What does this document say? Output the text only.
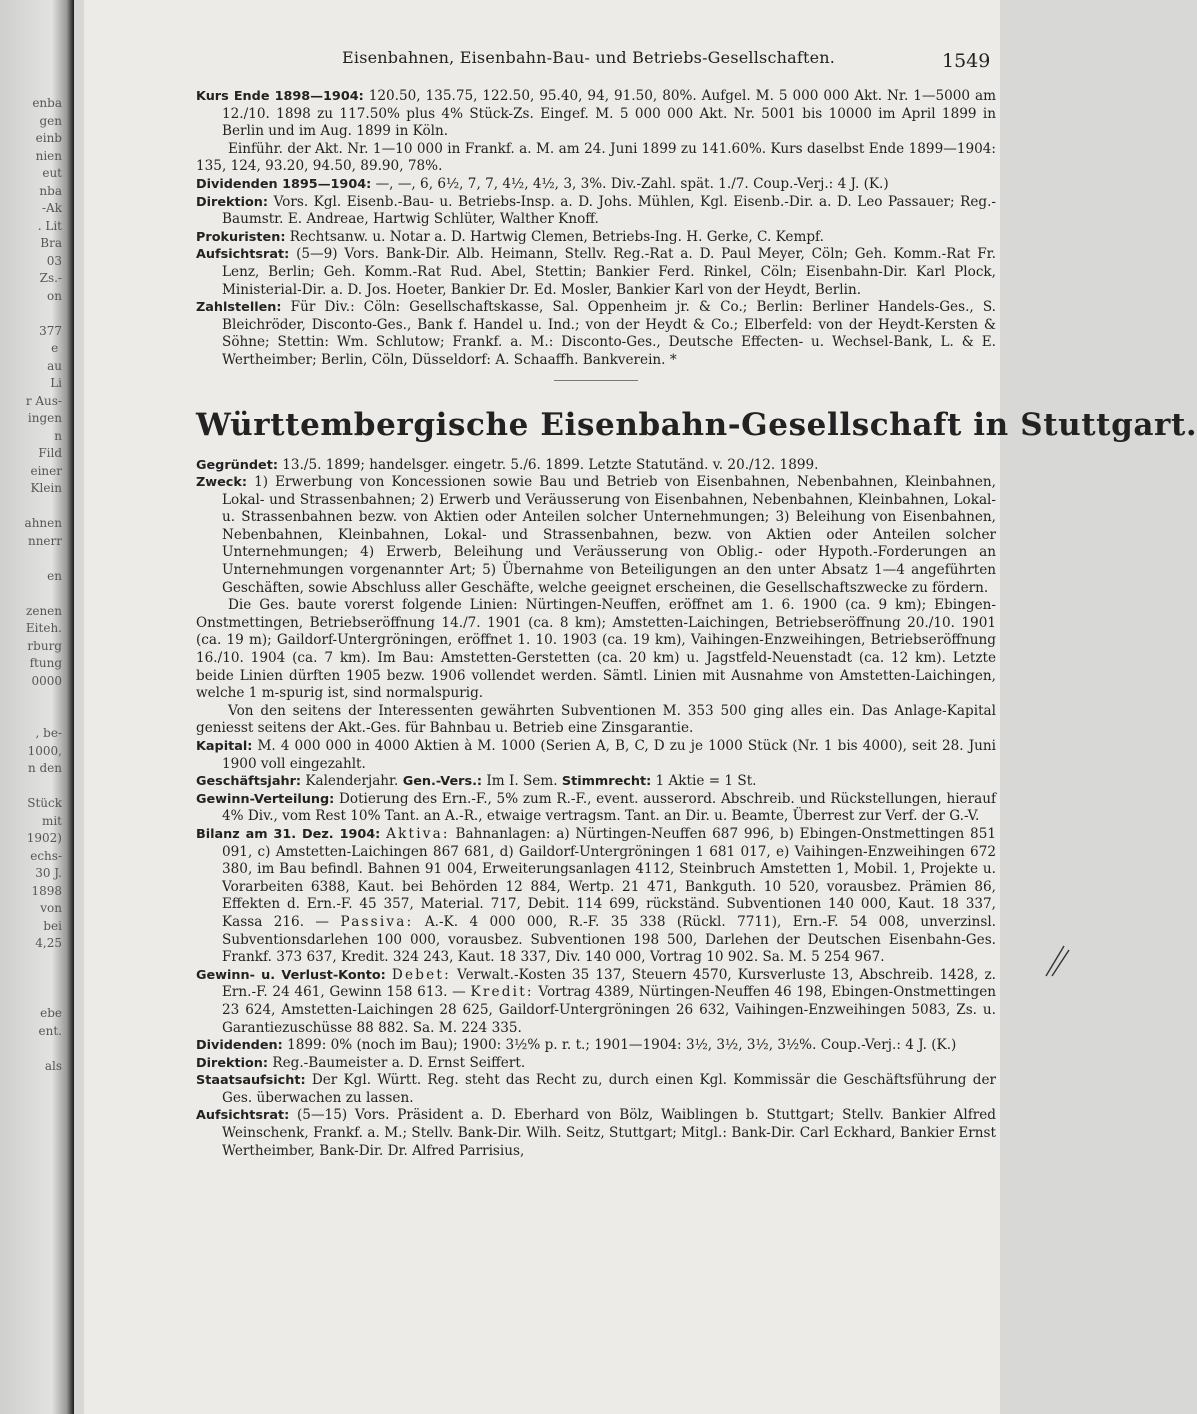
enba
gen
einb
nien
eut
nba
-Ak
. Lit
Bra
03
Zs.-
on
377
e
au
Li
r Aus-
ingen
n
Fild
einer
Klein
ahnen
nnerr
en
zenen
Eiteh.
rburg
ftung
0000
, be-
1000,
n den
Stück
mit
1902)
echs-
30 J.
1898
von
bei
4,25
ebe
ent.
als
Eisenbahnen, Eisenbahn-Bau- und Betriebs-Gesellschaften.	1549

Kurs Ende 1898—1904: 120.50, 135.75, 122.50, 95.40, 94, 91.50, 80%. Aufgel. M. 5 000 000 Akt. Nr. 1—5000 am 12./10. 1898 zu 117.50% plus 4% Stück-Zs. Eingef. M. 5 000 000 Akt. Nr. 5001 bis 10000 im April 1899 in Berlin und im Aug. 1899 in Köln.

Einführ. der Akt. Nr. 1—10 000 in Frankf. a. M. am 24. Juni 1899 zu 141.60%. Kurs daselbst Ende 1899—1904: 135, 124, 93.20, 94.50, 89.90, 78%.

Dividenden 1895—1904: —, —, 6, 6½, 7, 7, 4½, 4½, 3, 3%. Div.-Zahl. spät. 1./7. Coup.-Verj.: 4 J. (K.)

Direktion: Vors. Kgl. Eisenb.-Bau- u. Betriebs-Insp. a. D. Johs. Mühlen, Kgl. Eisenb.-Dir. a. D. Leo Passauer; Reg.-Baumstr. E. Andreae, Hartwig Schlüter, Walther Knoff.

Prokuristen: Rechtsanw. u. Notar a. D. Hartwig Clemen, Betriebs-Ing. H. Gerke, C. Kempf.

Aufsichtsrat: (5—9) Vors. Bank-Dir. Alb. Heimann, Stellv. Reg.-Rat a. D. Paul Meyer, Cöln; Geh. Komm.-Rat Fr. Lenz, Berlin; Geh. Komm.-Rat Rud. Abel, Stettin; Bankier Ferd. Rinkel, Cöln; Eisenbahn-Dir. Karl Plock, Ministerial-Dir. a. D. Jos. Hoeter, Bankier Dr. Ed. Mosler, Bankier Karl von der Heydt, Berlin.

Zahlstellen: Für Div.: Cöln: Gesellschaftskasse, Sal. Oppenheim jr. & Co.; Berlin: Berliner Handels-Ges., S. Bleichröder, Disconto-Ges., Bank f. Handel u. Ind.; von der Heydt & Co.; Elberfeld: von der Heydt-Kersten & Söhne; Stettin: Wm. Schlutow; Frankf. a. M.: Disconto-Ges., Deutsche Effecten- u. Wechsel-Bank, L. & E. Wertheimber; Berlin, Cöln, Düsseldorf: A. Schaaffh. Bankverein. *

Württembergische Eisenbahn-Gesellschaft in Stuttgart.

Gegründet: 13./5. 1899; handelsger. eingetr. 5./6. 1899. Letzte Statutänd. v. 20./12. 1899.

Zweck: 1) Erwerbung von Koncessionen sowie Bau und Betrieb von Eisenbahnen, Nebenbahnen, Kleinbahnen, Lokal- und Strassenbahnen; 2) Erwerb und Veräusserung von Eisenbahnen, Nebenbahnen, Kleinbahnen, Lokal- u. Strassenbahnen bezw. von Aktien oder Anteilen solcher Unternehmungen; 3) Beleihung von Eisenbahnen, Nebenbahnen, Kleinbahnen, Lokal- und Strassenbahnen, bezw. von Aktien oder Anteilen solcher Unternehmungen; 4) Erwerb, Beleihung und Veräusserung von Oblig.- oder Hypoth.-Forderungen an Unternehmungen vorgenannter Art; 5) Übernahme von Beteiligungen an den unter Absatz 1—4 angeführten Geschäften, sowie Abschluss aller Geschäfte, welche geeignet erscheinen, die Gesellschaftszwecke zu fördern.

Die Ges. baute vorerst folgende Linien: Nürtingen-Neuffen, eröffnet am 1. 6. 1900 (ca. 9 km); Ebingen-Onstmettingen, Betriebseröffnung 14./7. 1901 (ca. 8 km); Amstetten-Laichingen, Betriebseröffnung 20./10. 1901 (ca. 19 m); Gaildorf-Untergröningen, eröffnet 1. 10. 1903 (ca. 19 km), Vaihingen-Enzweihingen, Betriebseröffnung 16./10. 1904 (ca. 7 km). Im Bau: Amstetten-Gerstetten (ca. 20 km) u. Jagstfeld-Neuenstadt (ca. 12 km). Letzte beide Linien dürften 1905 bezw. 1906 vollendet werden. Sämtl. Linien mit Ausnahme von Amstetten-Laichingen, welche 1 m-spurig ist, sind normalspurig.

Von den seitens der Interessenten gewährten Subventionen M. 353 500 ging alles ein. Das Anlage-Kapital geniesst seitens der Akt.-Ges. für Bahnbau u. Betrieb eine Zinsgarantie.

Kapital: M. 4 000 000 in 4000 Aktien à M. 1000 (Serien A, B, C, D zu je 1000 Stück (Nr. 1 bis 4000), seit 28. Juni 1900 voll eingezahlt.

Geschäftsjahr: Kalenderjahr. Gen.-Vers.: Im I. Sem. Stimmrecht: 1 Aktie = 1 St.

Gewinn-Verteilung: Dotierung des Ern.-F., 5% zum R.-F., event. ausserord. Abschreib. und Rückstellungen, hierauf 4% Div., vom Rest 10% Tant. an A.-R., etwaige vertragsm. Tant. an Dir. u. Beamte, Überrest zur Verf. der G.-V.

Bilanz am 31. Dez. 1904: Aktiva: Bahnanlagen: a) Nürtingen-Neuffen 687 996, b) Ebingen-Onstmettingen 851 091, c) Amstetten-Laichingen 867 681, d) Gaildorf-Untergröningen 1 681 017, e) Vaihingen-Enzweihingen 672 380, im Bau befindl. Bahnen 91 004, Erweiterungsanlagen 4112, Steinbruch Amstetten 1, Mobil. 1, Projekte u. Vorarbeiten 6388, Kaut. bei Behörden 12 884, Wertp. 21 471, Bankguth. 10 520, vorausbez. Prämien 86, Effekten d. Ern.-F. 45 357, Material. 717, Debit. 114 699, rückständ. Subventionen 140 000, Kaut. 18 337, Kassa 216. — Passiva: A.-K. 4 000 000, R.-F. 35 338 (Rückl. 7711), Ern.-F. 54 008, unverzinsl. Subventionsdarlehen 100 000, vorausbez. Subventionen 198 500, Darlehen der Deutschen Eisenbahn-Ges. Frankf. 373 637, Kredit. 324 243, Kaut. 18 337, Div. 140 000, Vortrag 10 902. Sa. M. 5 254 967.

Gewinn- u. Verlust-Konto: Debet: Verwalt.-Kosten 35 137, Steuern 4570, Kursverluste 13, Abschreib. 1428, z. Ern.-F. 24 461, Gewinn 158 613. — Kredit: Vortrag 4389, Nürtingen-Neuffen 46 198, Ebingen-Onstmettingen 23 624, Amstetten-Laichingen 28 625, Gaildorf-Untergröningen 26 632, Vaihingen-Enzweihingen 5083, Zs. u. Garantiezuschüsse 88 882. Sa. M. 224 335.

Dividenden: 1899: 0% (noch im Bau); 1900: 3½% p. r. t.; 1901—1904: 3½, 3½, 3½, 3½%. Coup.-Verj.: 4 J. (K.)

Direktion: Reg.-Baumeister a. D. Ernst Seiffert.

Staatsaufsicht: Der Kgl. Württ. Reg. steht das Recht zu, durch einen Kgl. Kommissär die Geschäftsführung der Ges. überwachen zu lassen.

Aufsichtsrat: (5—15) Vors. Präsident a. D. Eberhard von Bölz, Waiblingen b. Stuttgart; Stellv. Bankier Alfred Weinschenk, Frankf. a. M.; Stellv. Bank-Dir. Wilh. Seitz, Stuttgart; Mitgl.: Bank-Dir. Carl Eckhard, Bankier Ernst Wertheimber, Bank-Dir. Dr. Alfred Parrisius,
